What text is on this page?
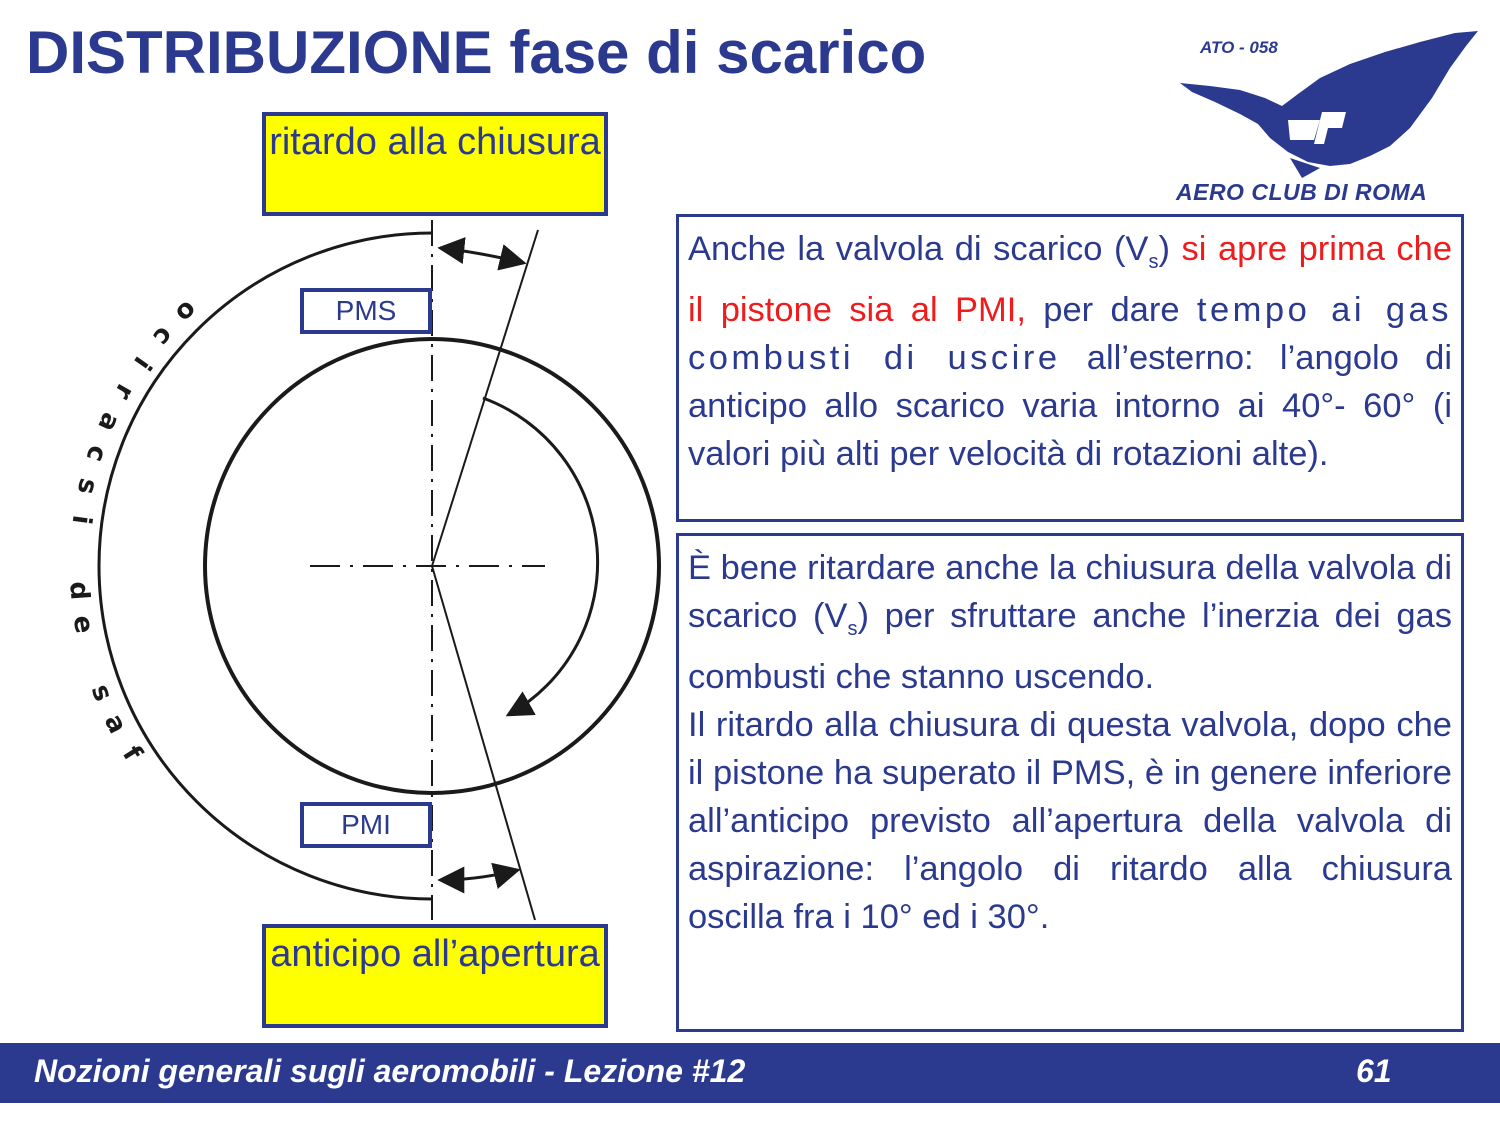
DISTRIBUZIONE fase di scarico	ATO - 058
AERO CLUB DI ROMA
f
a
s
e
d
i
s
c
a
r
i
c
o
ritardo alla chiusura
anticipo all’apertura
PMS
PMI

Anche la valvola di scarico $(V_s)$ si apre prima che il pistone sia al PMI, per dare tempo ai gas combusti di uscire all’esterno: l’angolo di anticipo allo scarico varia intorno ai 40°- 60° (i valori più alti per velocità di rotazioni alte).

È bene ritardare anche la chiusura della valvola di scarico $(V_s)$ per sfruttare anche l’inerzia dei gas combusti che stanno uscendo.

Il ritardo alla chiusura di questa valvola, dopo che il pistone ha superato il PMS, è in genere inferiore all’anticipo previsto all’apertura della valvola di aspirazione: l’angolo di ritardo alla chiusura oscilla fra i 10° ed i 30°.

Nozioni generali sugli aeromobili - Lezione #12	61
